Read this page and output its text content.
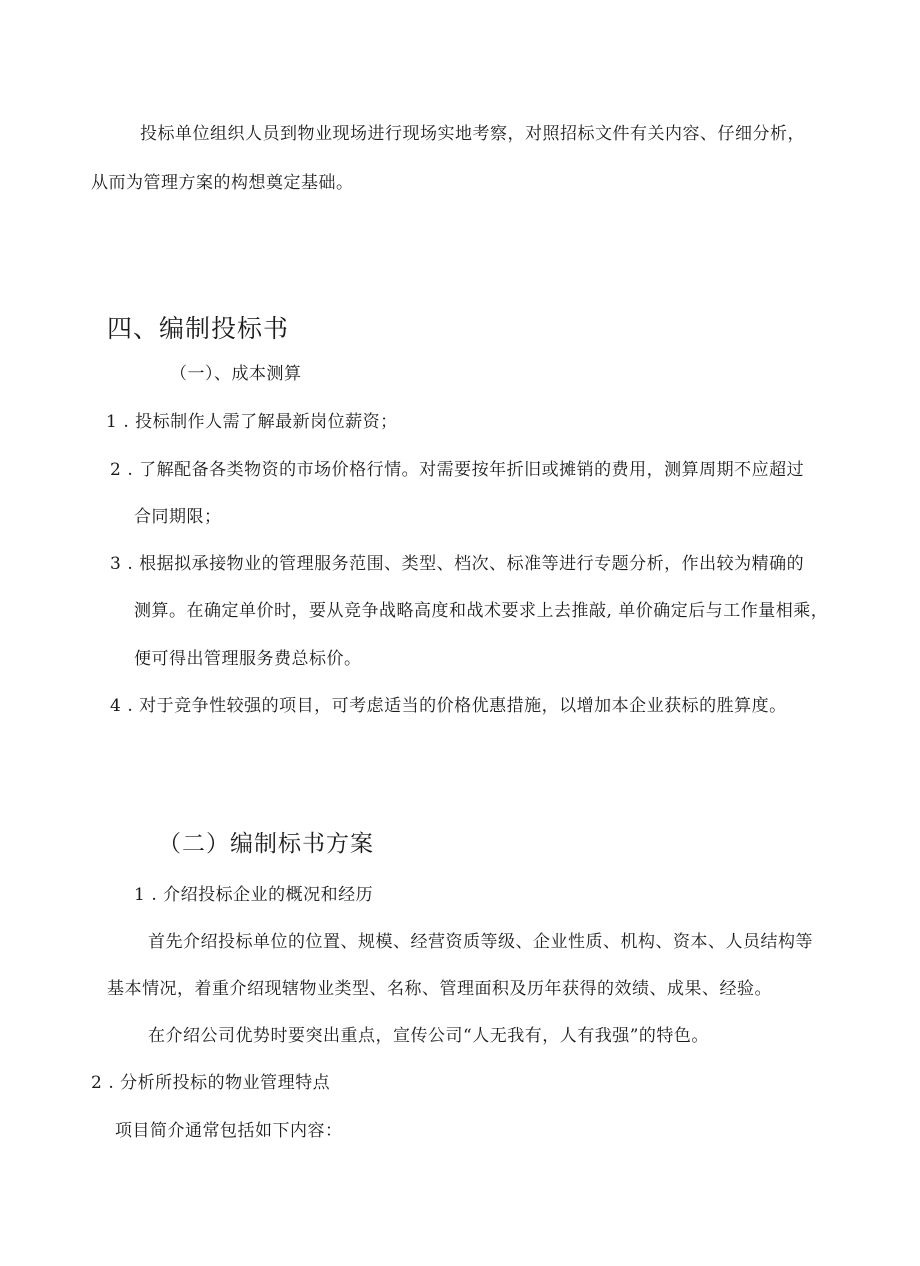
投标单位组织人员到物业现场进行现场实地考察，对照招标文件有关内容、仔细分析，
从而为管理方案的构想奠定基础。
四、编制投标书
（一）、成本测算
1 . 投标制作人需了解最新岗位薪资；
2 . 了解配备各类物资的市场价格行情。对需要按年折旧或摊销的费用，测算周期不应超过
合同期限；
3 . 根据拟承接物业的管理服务范围、类型、档次、标准等进行专题分析，作出较为精确的
测算。在确定单价时，要从竞争战略高度和战术要求上去推敲, 单价确定后与工作量相乘，
便可得出管理服务费总标价。
4 . 对于竞争性较强的项目，可考虑适当的价格优惠措施，以增加本企业获标的胜算度。
（二）编制标书方案
1 . 介绍投标企业的概况和经历
首先介绍投标单位的位置、规模、经营资质等级、企业性质、机构、资本、人员结构等
基本情况，着重介绍现辖物业类型、名称、管理面积及历年获得的效绩、成果、经验。
在介绍公司优势时要突出重点，宣传公司“人无我有，人有我强”的特色。
2 . 分析所投标的物业管理特点
项目简介通常包括如下内容：
